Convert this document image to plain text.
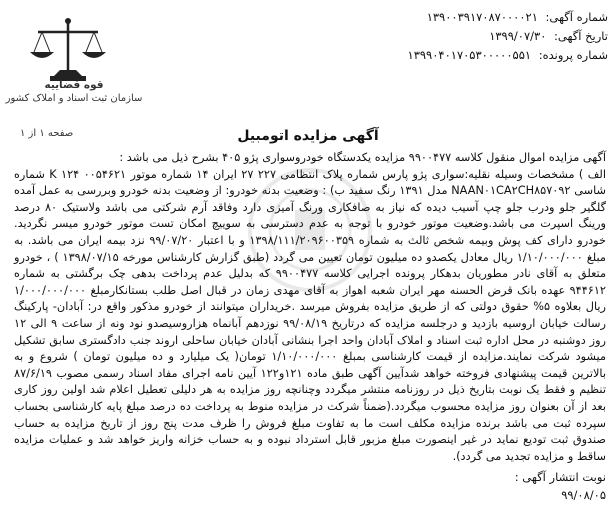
شماره آگهی: ۱۳۹۰۰۳۹۱۷۰۸۷۰۰۰۰۲۱
تاریخ آگهی: ۱۳۹۹/۰۷/۳۰
شماره پرونده: ۱۳۹۹۰۴۰۱۷۰۵۳۰۰۰۰۰۵۵۱
قوه قضاییه
سازمان ثبت اسناد و املاک کشور
صفحه ۱ از ۱	آگهی مزایده اتومبیل

آگهی مزایده اموال منقول کلاسه ۹۹۰۰۴۷۷ مزایده یکدستگاه خودروسواری پژو ۴۰۵ بشرح ذیل می باشد :

الف ) مشخصات وسیله نقلیه:سواری پژو پارس شماره پلاک انتظامی ۲۲۷ ۲۷ ایران ۱۴ شماره موتور K ۱۲۴ ۰۰۵۴۶۲۱ شماره شاسی NAAN۰۱CA۲CH۸۵۷۰۹۲ مدل ۱۳۹۱ رنگ سفید ب) : وضعیت بدنه خودرو: از وضعیت بدنه خودرو وبررسی به عمل آمده گلگیر جلو ودرب جلو چپ آسیب دیده که نیاز به صافکاری ورنگ آمیزی دارد وفاقد آرم شرکتی می باشد ولاستیک ۸۰ درصد ورینگ اسپرت می باشد.وضعیت موتور خودرو با توجه به عدم دسترسی به سوییچ امکان تست موتور خودرو میسر نگردید. خودرو دارای کف پوش وبیمه شخص ثالث به شماره ۱۳۹۸/۱۱۱/۲۰۹۶۰۰۳۵۹ و با اعتبار ۹۹/۰۷/۲۰ نزد بیمه ایران می باشد. به مبلغ ۱/۱۰/۰۰۰/۰۰۰ ریال معادل یکصدو ده میلیون تومان تعیین می گردد (طبق گزارش کارشناس مورخه ۱۳۹۸/۰۷/۱۵ ) ، خودرو متعلق به آقای نادر مطوریان بدهکار پرونده اجرایی کلاسه ۹۹۰۰۴۷۷ که بدلیل عدم پرداخت بدهی چک برگشتی به شماره ۹۴۴۶۱۲ عهده بانک قرض الحسنه مهر ایران شعبه اهواز به آقای مهدی زمان در قبال اصل طلب بستانکارمبلغ ۱/۰۰۰/۰۰۰/۰۰۰ ریال بعلاوه ۵% حقوق دولتی که از طریق مزایده بفروش میرسد .خریداران میتوانند از خودرو مذکور واقع در: آبادان- پارکینگ رسالت خیابان اروسیه بازدید و درجلسه مزایده که درتاریخ ۹۹/۰۸/۱۹ نوزدهم آبانماه هزاروسیصدو نود ونه از ساعت ۹ الی ۱۲ روز دوشنبه در محل اداره ثبت اسناد و املاک آبادان واحد اجرا بنشانی آبادان خیابان ساحلی اروند جنب دادگستری سابق تشکیل میشود شرکت نمایند.مزایده از قیمت کارشناسی بمبلغ ۱/۱۰/۰۰۰/۰۰۰ تومان( یک میلیارد و ده میلیون تومان ) شروع و به بالاترین قیمت پیشنهادی فروخته خواهد شدآیین آگهی طبق ماده ۱۲۱و۱۲۲ آیین نامه اجرای مفاد اسناد رسمی مصوب ۸۷/۶/۱۹ تنظیم و فقط یک نوبت بتاریخ ذیل در روزنامه منتشر میگردد وچنانچه روز مزایده به هر دلیلی تعطیل اعلام شد اولین روز کاری بعد از آن بعنوان روز مزایده محسوب میگردد.(ضمناً شرکت در مزایده منوط به پرداخت ده درصد مبلغ پایه کارشناسی بحساب سپرده ثبت می باشد برنده مزایده مکلف است ما به تفاوت مبلغ فروش را ظرف مدت پنج روز از تاریخ مزایده به حساب صندوق ثبت تودیع نماید در غیر اینصورت مبلغ مزبور قابل استرداد نبوده و به حساب خزانه واریز خواهد شد و عملیات مزایده ساقط و مزایده تجدید می گردد).

نوبت انتشار آگهی :
۹۹/۰۸/۰۵
